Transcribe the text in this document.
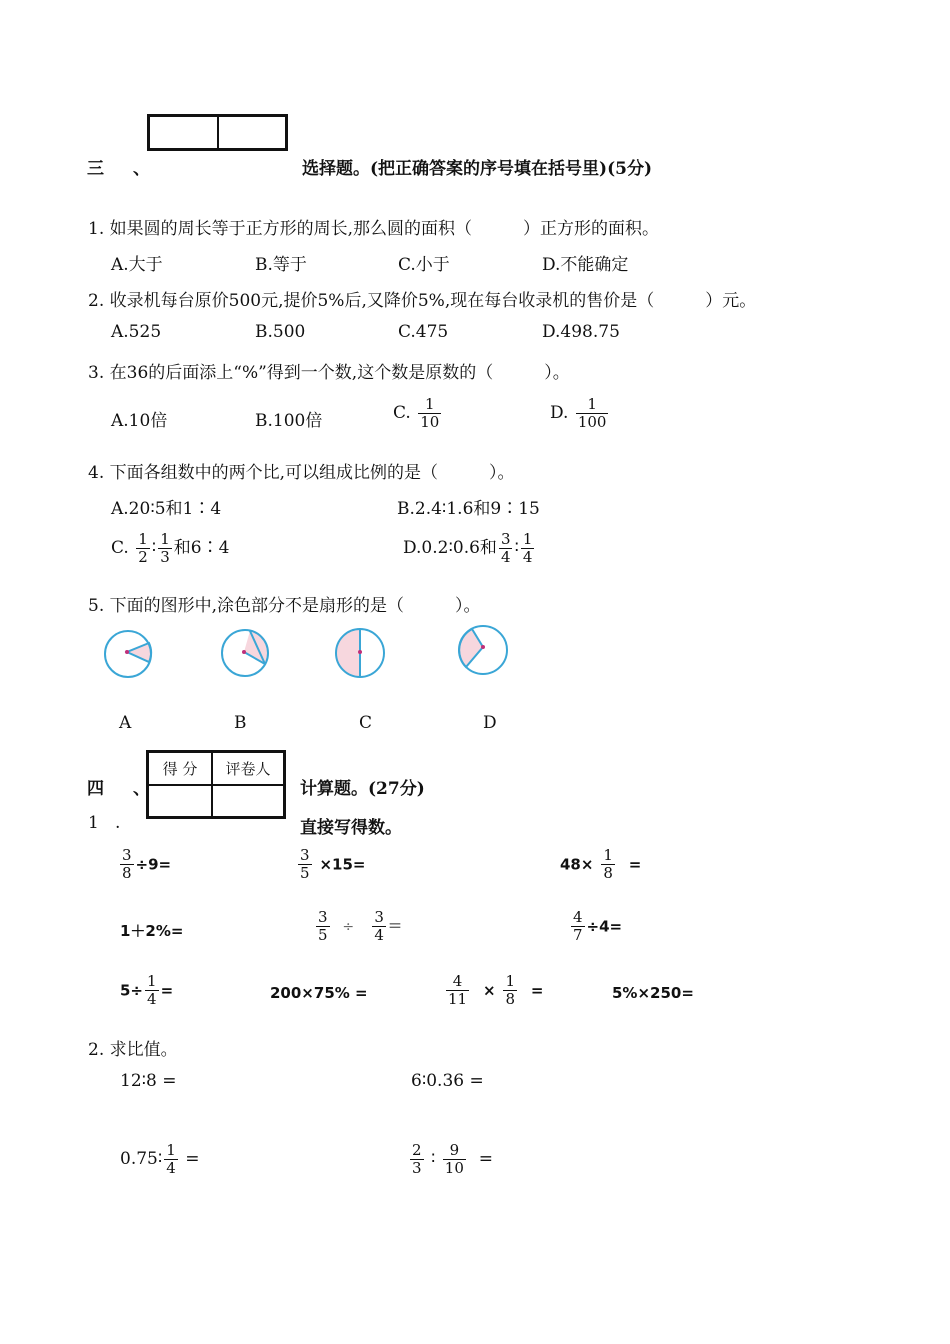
三 、	选择题。(把正确答案的序号填在括号里)(5分)
1. 如果圆的周长等于正方形的周长,那么圆的面积（　　　）正方形的面积。
A.大于	B.等于	C.小于	D.不能确定
2. 收录机每台原价500元,提价5%后,又降价5%,现在每台收录机的售价是（　　　）元。
A.525	B.500	C.475	D.498.75
3. 在36的后面添上“%”得到一个数,这个数是原数的（　　　）。
A.10倍	B.100倍	C. $\frac{1}{10}$	D. $\frac{1}{100}$
4. 下面各组数中的两个比,可以组成比例的是（　　　）。
A.20∶5和1∶4	B.2.4∶1.6和9∶15
C. $\frac{1}{2}$ ∶ $\frac{1}{3}$ 和6∶4	D.0.2∶0.6和 $\frac{3}{4}$ ∶ $\frac{1}{4}$
5. 下面的图形中,涂色部分不是扇形的是（　　　）。
A	B	C	D
得 分	评卷人
四 、	计算题。(27分)
1 .	直接写得数。
$\frac{3}{8} \div 9=$	$\frac{3}{5} \times 15=$	$48\times \frac{1}{8}$ =
1＋2%=	$\frac{3}{5} \div \frac{3}{4}$ =	$\frac{4}{7} \div 4=$
$5\div \frac{1}{4}$ =	200×75% =	$\frac{4}{11} \times \frac{1}{8}$ =	5%×250=
2. 求比值。
12∶8 =	6∶0.36 =
0.75∶ $\frac{1}{4}$ =	$\frac{2}{3}$ ∶ $\frac{9}{10}$ =
